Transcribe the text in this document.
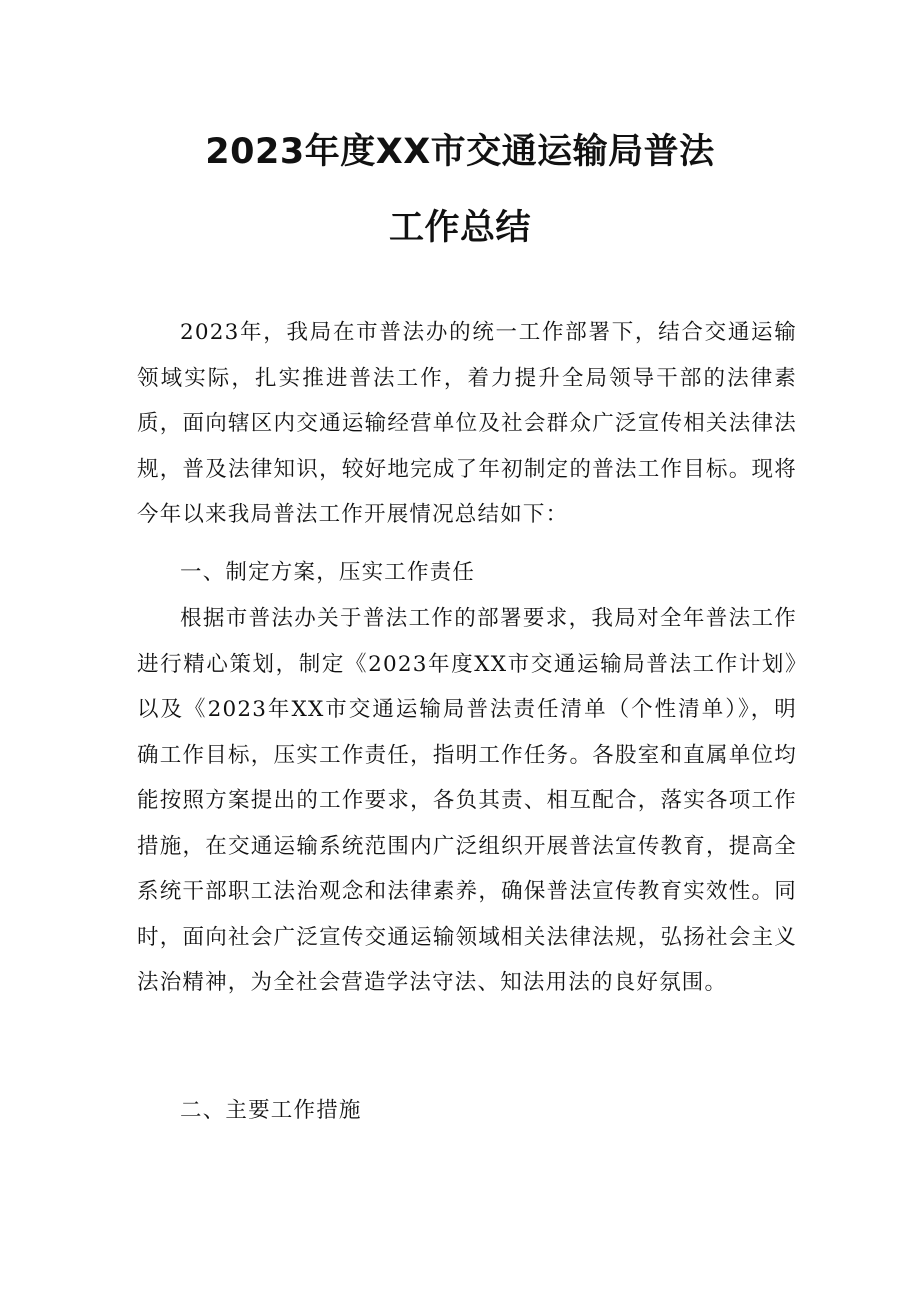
2023年度XX市交通运输局普法
工作总结

2023年，我局在市普法办的统一工作部署下，结合交通运输领域实际，扎实推进普法工作，着力提升全局领导干部的法律素质，面向辖区内交通运输经营单位及社会群众广泛宣传相关法律法规，普及法律知识，较好地完成了年初制定的普法工作目标。现将今年以来我局普法工作开展情况总结如下：

一、制定方案，压实工作责任

根据市普法办关于普法工作的部署要求，我局对全年普法工作进行精心策划，制定《2023年度XX市交通运输局普法工作计划》以及《2023年XX市交通运输局普法责任清单（个性清单）》，明确工作目标，压实工作责任，指明工作任务。各股室和直属单位均能按照方案提出的工作要求，各负其责、相互配合，落实各项工作措施，在交通运输系统范围内广泛组织开展普法宣传教育，提高全系统干部职工法治观念和法律素养，确保普法宣传教育实效性。同时，面向社会广泛宣传交通运输领域相关法律法规，弘扬社会主义法治精神，为全社会营造学法守法、知法用法的良好氛围。

二、主要工作措施
